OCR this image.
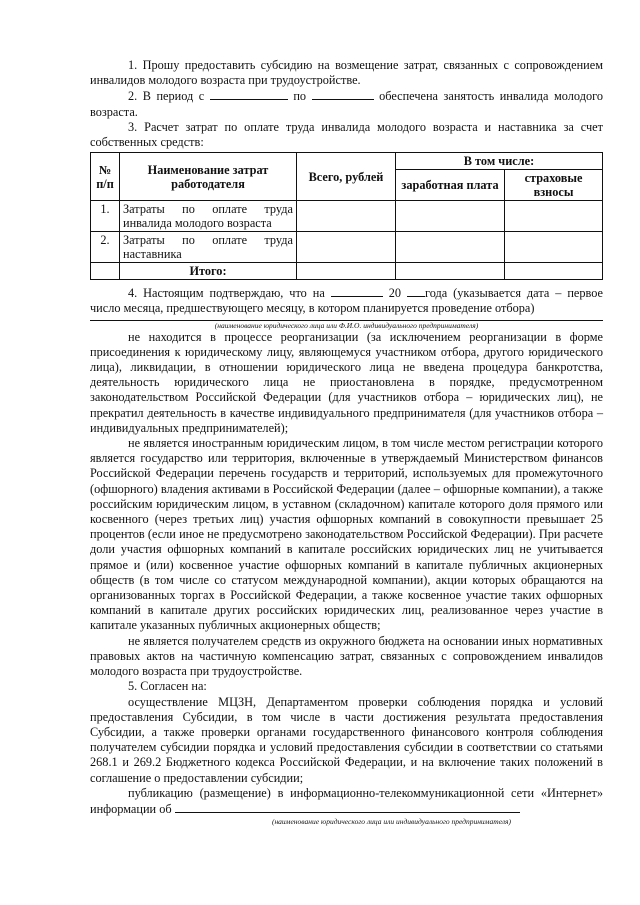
1. Прошу предоставить субсидию на возмещение затрат, связанных с сопровождением инвалидов молодого возраста при трудоустройстве.

2. В период с	по	обеспечена занятость инвалида молодого возраста.

3. Расчет затрат по оплате труда инвалида молодого возраста и наставника за счет собственных средств:

№ п/п	Наименование затрат работодателя	Всего, рублей	В том числе:	
			заработная плата	страховые взносы
1.	Затраты по оплате труда инвалида молодого возраста			
2.	Затраты по оплате труда наставника			
	Итого:			

4. Настоящим подтверждаю, что на	20 года (указывается дата – первое число месяца, предшествующего месяцу, в котором планируется проведение отбора)

(наименование юридического лица или Ф.И.О. индивидуального предпринимателя)

не находится в процессе реорганизации (за исключением реорганизации в форме присоединения к юридическому лицу, являющемуся участником отбора, другого юридического лица), ликвидации, в отношении юридического лица не введена процедура банкротства, деятельность юридического лица не приостановлена в порядке, предусмотренном законодательством Российской Федерации (для участников отбора – юридических лиц), не прекратил деятельность в качестве индивидуального предпринимателя (для участников отбора – индивидуальных предпринимателей);

не является иностранным юридическим лицом, в том числе местом регистрации которого является государство или территория, включенные в утверждаемый Министерством финансов Российской Федерации перечень государств и территорий, используемых для промежуточного (офшорного) владения активами в Российской Федерации (далее – офшорные компании), а также российским юридическим лицом, в уставном (складочном) капитале которого доля прямого или косвенного (через третьих лиц) участия офшорных компаний в совокупности превышает 25 процентов (если иное не предусмотрено законодательством Российской Федерации). При расчете доли участия офшорных компаний в капитале российских юридических лиц не учитывается прямое и (или) косвенное участие офшорных компаний в капитале публичных акционерных обществ (в том числе со статусом международной компании), акции которых обращаются на организованных торгах в Российской Федерации, а также косвенное участие таких офшорных компаний в капитале других российских юридических лиц, реализованное через участие в капитале указанных публичных акционерных обществ;

не является получателем средств из окружного бюджета на основании иных нормативных правовых актов на частичную компенсацию затрат, связанных с сопровождением инвалидов молодого возраста при трудоустройстве.

5. Согласен на:

осуществление МЦЗН, Департаментом проверки соблюдения порядка и условий предоставления Субсидии, в том числе в части достижения результата предоставления Субсидии, а также проверки органами государственного финансового контроля соблюдения получателем субсидии порядка и условий предоставления субсидии в соответствии со статьями 268.1 и 269.2 Бюджетного кодекса Российской Федерации, и на включение таких положений в соглашение о предоставлении субсидии;

публикацию (размещение) в информационно-телекоммуникационной сети «Интернет» информации об

(наименование юридического лица или индивидуального предпринимателя)
